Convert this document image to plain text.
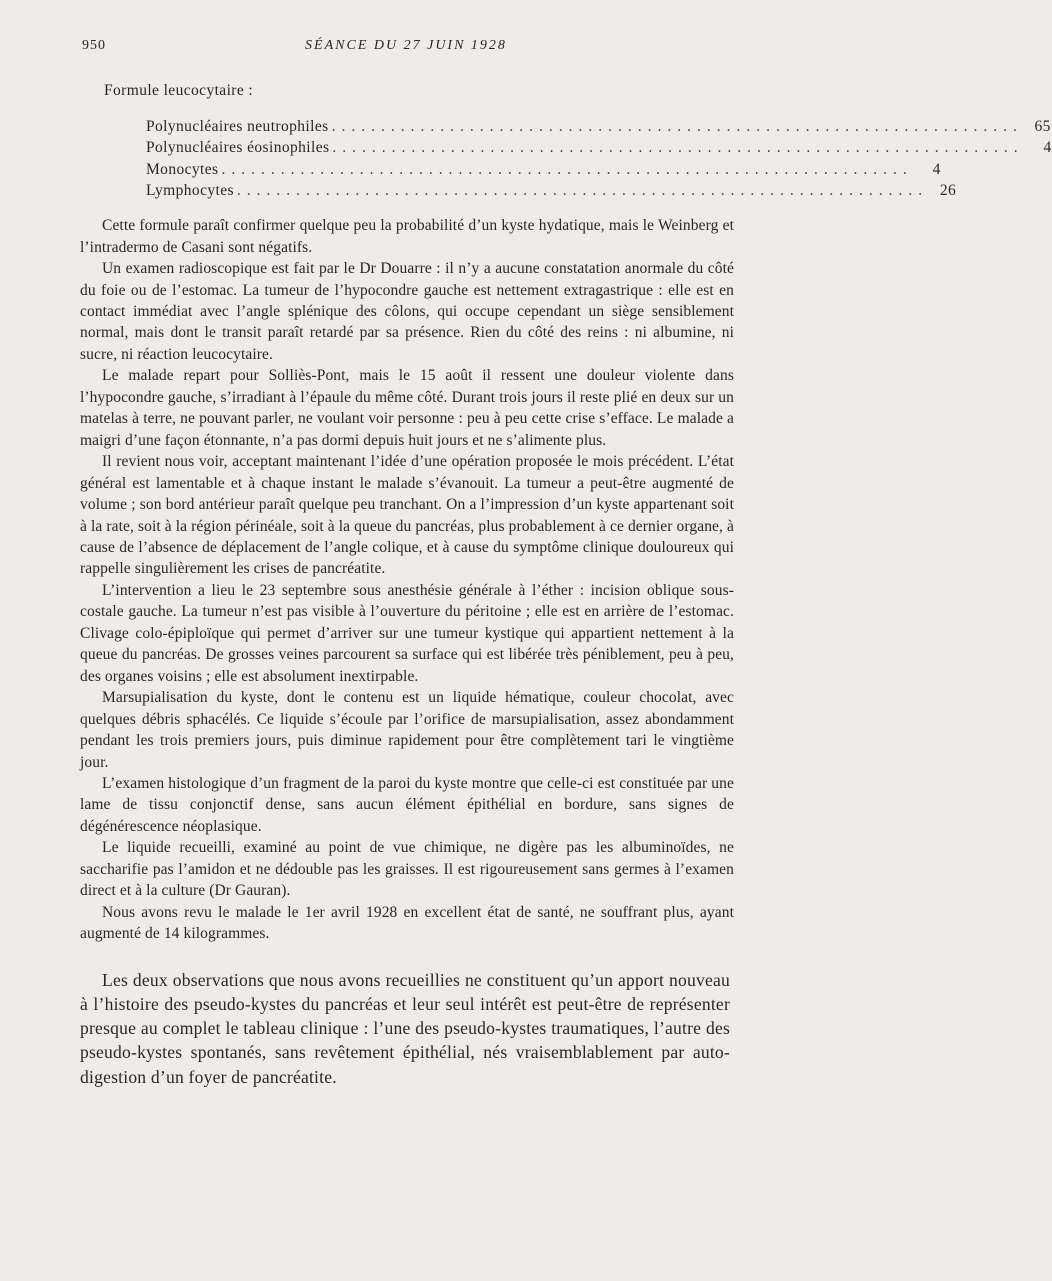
950	SÉANCE DU 27 JUIN 1928
Formule leucocytaire :
Polynucléaires neutrophiles ...................................................................... 65
Polynucléaires éosinophiles ......................................................................	4
Monocytes ......................................................................	4
Lymphocytes ...................................................................... 26

Cette formule paraît confirmer quelque peu la probabilité d’un kyste hydatique, mais le Weinberg et l’intradermo de Casani sont négatifs.

Un examen radioscopique est fait par le Dr Douarre : il n’y a aucune constatation anormale du côté du foie ou de l’estomac. La tumeur de l’hypocondre gauche est nettement extragastrique : elle est en contact immédiat avec l’angle splénique des côlons, qui occupe cependant un siège sensiblement normal, mais dont le transit paraît retardé par sa présence. Rien du côté des reins : ni albumine, ni sucre, ni réaction leucocytaire.

Le malade repart pour Solliès-Pont, mais le 15 août il ressent une douleur violente dans l’hypocondre gauche, s’irradiant à l’épaule du même côté. Durant trois jours il reste plié en deux sur un matelas à terre, ne pouvant parler, ne voulant voir personne : peu à peu cette crise s’efface. Le malade a maigri d’une façon étonnante, n’a pas dormi depuis huit jours et ne s’alimente plus.

Il revient nous voir, acceptant maintenant l’idée d’une opération proposée le mois précédent. L’état général est lamentable et à chaque instant le malade s’évanouit. La tumeur a peut-être augmenté de volume ; son bord antérieur paraît quelque peu tranchant. On a l’impression d’un kyste appartenant soit à la rate, soit à la région périnéale, soit à la queue du pancréas, plus probablement à ce dernier organe, à cause de l’absence de déplacement de l’angle colique, et à cause du symptôme clinique douloureux qui rappelle singulièrement les crises de pancréatite.

L’intervention a lieu le 23 septembre sous anesthésie générale à l’éther : incision oblique sous-costale gauche. La tumeur n’est pas visible à l’ouverture du péritoine ; elle est en arrière de l’estomac. Clivage colo-épiploïque qui permet d’arriver sur une tumeur kystique qui appartient nettement à la queue du pancréas. De grosses veines parcourent sa surface qui est libérée très péniblement, peu à peu, des organes voisins ; elle est absolument inextirpable.

Marsupialisation du kyste, dont le contenu est un liquide hématique, couleur chocolat, avec quelques débris sphacélés. Ce liquide s’écoule par l’orifice de marsupialisation, assez abondamment pendant les trois premiers jours, puis diminue rapidement pour être complètement tari le vingtième jour.

L’examen histologique d’un fragment de la paroi du kyste montre que celle-ci est constituée par une lame de tissu conjonctif dense, sans aucun élément épithélial en bordure, sans signes de dégénérescence néoplasique.

Le liquide recueilli, examiné au point de vue chimique, ne digère pas les albuminoïdes, ne saccharifie pas l’amidon et ne dédouble pas les graisses. Il est rigoureusement sans germes à l’examen direct et à la culture (Dr Gauran).

Nous avons revu le malade le 1er avril 1928 en excellent état de santé, ne souffrant plus, ayant augmenté de 14 kilogrammes.

Les deux observations que nous avons recueillies ne constituent qu’un apport nouveau à l’histoire des pseudo-kystes du pancréas et leur seul intérêt est peut-être de représenter presque au complet le tableau clinique : l’une des pseudo-kystes traumatiques, l’autre des pseudo-kystes spontanés, sans revêtement épithélial, nés vraisemblablement par auto-digestion d’un foyer de pancréatite.
